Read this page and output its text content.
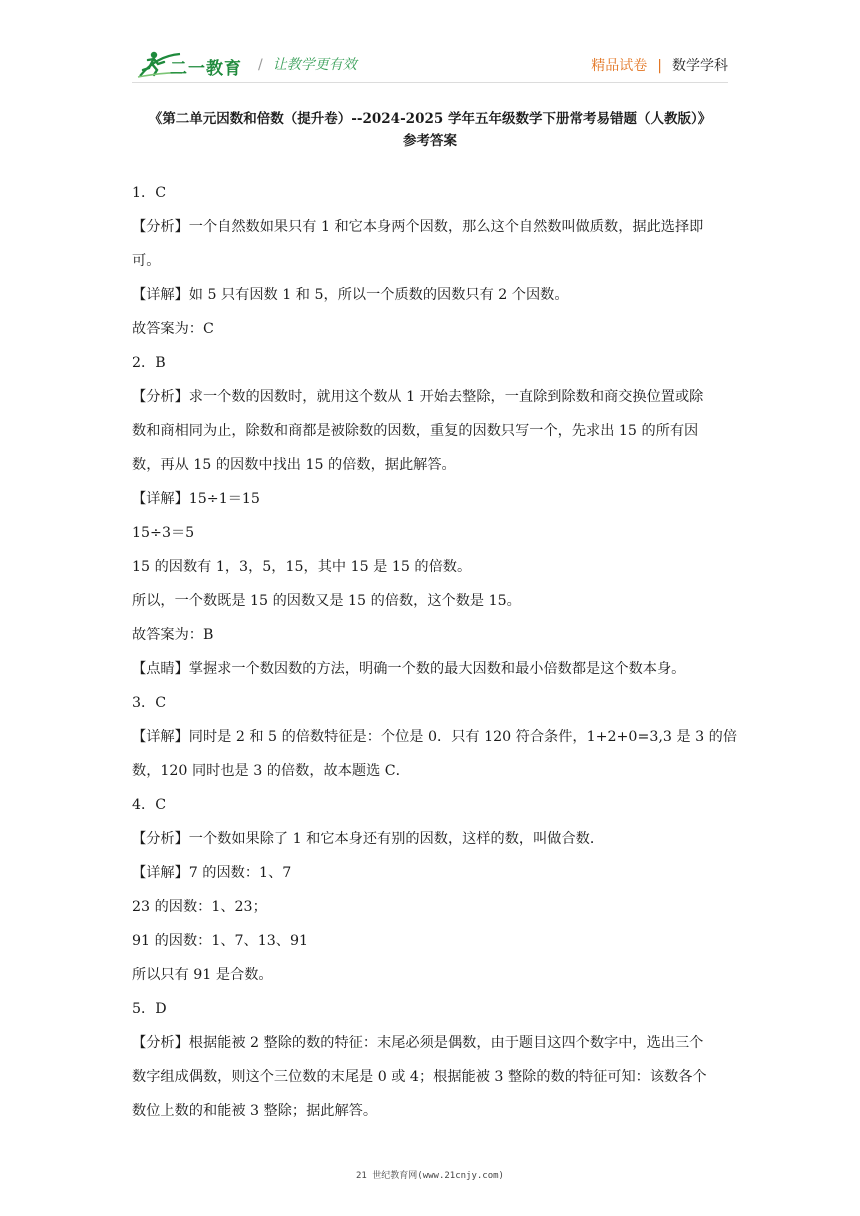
二一教育 / 让教学更有效	精品试卷 | 数学学科
《第二单元因数和倍数（提升卷）--2024-2025 学年五年级数学下册常考易错题（人教版）》
参考答案

1．C

【分析】一个自然数如果只有 1 和它本身两个因数，那么这个自然数叫做质数，据此选择即

可。

【详解】如 5 只有因数 1 和 5，所以一个质数的因数只有 2 个因数。

故答案为：C

2．B

【分析】求一个数的因数时，就用这个数从 1 开始去整除，一直除到除数和商交换位置或除

数和商相同为止，除数和商都是被除数的因数，重复的因数只写一个，先求出 15 的所有因

数，再从 15 的因数中找出 15 的倍数，据此解答。

【详解】15÷1＝15

15÷3＝5

15 的因数有 1，3，5，15，其中 15 是 15 的倍数。

所以，一个数既是 15 的因数又是 15 的倍数，这个数是 15。

故答案为：B

【点睛】掌握求一个数因数的方法，明确一个数的最大因数和最小倍数都是这个数本身。

3．C

【详解】同时是 2 和 5 的倍数特征是：个位是 0．只有 120 符合条件，1+2+0=3,3 是 3 的倍

数，120 同时也是 3 的倍数，故本题选 C．

4．C

【分析】一个数如果除了 1 和它本身还有别的因数，这样的数，叫做合数．

【详解】7 的因数：1、7

23 的因数：1、23；

91 的因数：1、7、13、91

所以只有 91 是合数。

5．D

【分析】根据能被 2 整除的数的特征：末尾必须是偶数，由于题目这四个数字中，选出三个

数字组成偶数，则这个三位数的末尾是 0 或 4；根据能被 3 整除的数的特征可知：该数各个

数位上数的和能被 3 整除；据此解答。

21 世纪教育网(www.21cnjy.com)
